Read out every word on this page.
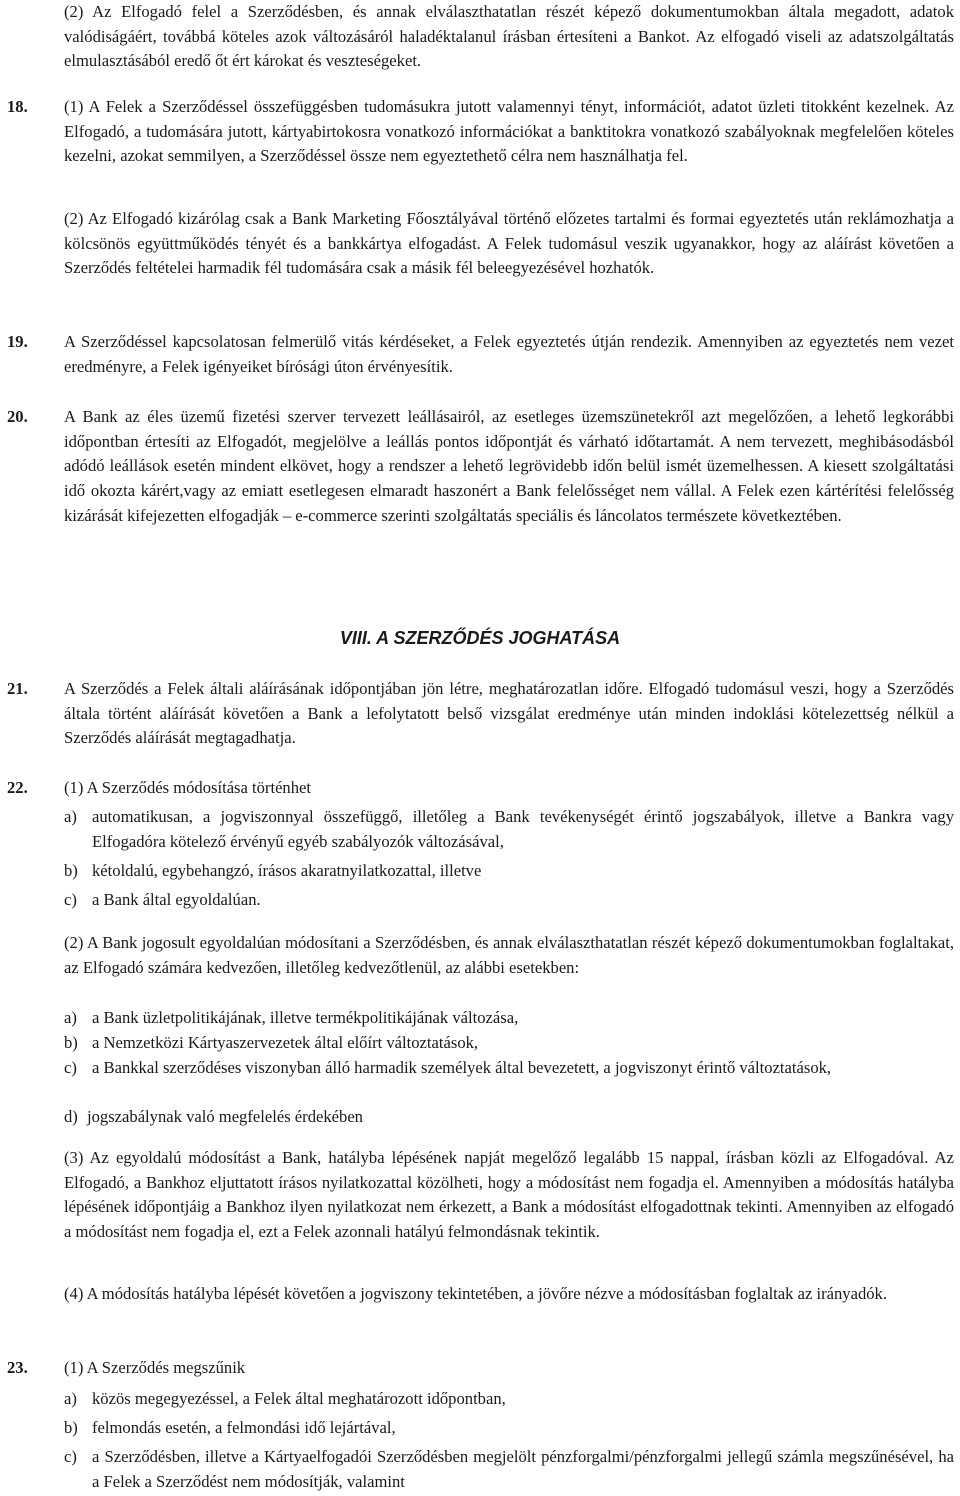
(2) Az Elfogadó felel a Szerződésben, és annak elválaszthatatlan részét képező dokumentumokban általa megadott, adatok valódiságáért, továbbá köteles azok változásáról haladéktalanul írásban értesíteni a Bankot. Az elfogadó viseli az adatszolgáltatás elmulasztásából eredő őt ért károkat és veszteségeket.

18. (1) A Felek a Szerződéssel összefüggésben tudomásukra jutott valamennyi tényt, információt, adatot üzleti titokként kezelnek. Az Elfogadó, a tudomására jutott, kártyabirtokosra vonatkozó információkat a banktitokra vonatkozó szabályoknak megfelelően köteles kezelni, azokat semmilyen, a Szerződéssel össze nem egyeztethető célra nem használhatja fel.

(2) Az Elfogadó kizárólag csak a Bank Marketing Főosztályával történő előzetes tartalmi és formai egyeztetés után reklámozhatja a kölcsönös együttműködés tényét és a bankkártya elfogadást. A Felek tudomásul veszik ugyanakkor, hogy az aláírást követően a Szerződés feltételei harmadik fél tudomására csak a másik fél beleegyezésével hozhatók.

19. A Szerződéssel kapcsolatosan felmerülő vitás kérdéseket, a Felek egyeztetés útján rendezik. Amennyiben az egyeztetés nem vezet eredményre, a Felek igényeiket bírósági úton érvényesítik.

20. A Bank az éles üzemű fizetési szerver tervezett leállásairól, az esetleges üzemszünetekről azt megelőzően, a lehető legkorábbi időpontban értesíti az Elfogadót, megjelölve a leállás pontos időpontját és várható időtartamát. A nem tervezett, meghibásodásból adódó leállások esetén mindent elkövet, hogy a rendszer a lehető legrövidebb időn belül ismét üzemelhessen. A kiesett szolgáltatási idő okozta kárért,vagy az emiatt esetlegesen elmaradt haszonért a Bank felelősséget nem vállal. A Felek ezen kártérítési felelősség kizárását kifejezetten elfogadják – e-commerce szerinti szolgáltatás speciális és láncolatos természete következtében.

VIII. A SZERZŐDÉS JOGHATÁSA
21. A Szerződés a Felek általi aláírásának időpontjában jön létre, meghatározatlan időre. Elfogadó tudomásul veszi, hogy a Szerződés általa történt aláírását követően a Bank a lefolytatott belső vizsgálat eredménye után minden indoklási kötelezettség nélkül a Szerződés aláírását megtagadhatja.

22. (1) A Szerződés módosítása történhet

a) automatikusan, a jogviszonnyal összefüggő, illetőleg a Bank tevékenységét érintő jogszabályok, illetve a Bankra vagy Elfogadóra kötelező érvényű egyéb szabályozók változásával,
b) kétoldalú, egybehangzó, írásos akaratnyilatkozattal, illetve
c) a Bank által egyoldalúan.

(2) A Bank jogosult egyoldalúan módosítani a Szerződésben, és annak elválaszthatatlan részét képező dokumentumokban foglaltakat, az Elfogadó számára kedvezően, illetőleg kedvezőtlenül, az alábbi esetekben:

a) a Bank üzletpolitikájának, illetve termékpolitikájának változása,
b) a Nemzetközi Kártyaszervezetek által előírt változtatások,
c) a Bankkal szerződéses viszonyban álló harmadik személyek által bevezetett, a jogviszonyt érintő változtatások,
d) jogszabálynak való megfelelés érdekében

(3) Az egyoldalú módosítást a Bank, hatályba lépésének napját megelőző legalább 15 nappal, írásban közli az Elfogadóval. Az Elfogadó, a Bankhoz eljuttatott írásos nyilatkozattal közölheti, hogy a módosítást nem fogadja el. Amennyiben a módosítás hatályba lépésének időpontjáig a Bankhoz ilyen nyilatkozat nem érkezett, a Bank a módosítást elfogadottnak tekinti. Amennyiben az elfogadó a módosítást nem fogadja el, ezt a Felek azonnali hatályú felmondásnak tekintik.

(4) A módosítás hatályba lépését követően a jogviszony tekintetében, a jövőre nézve a módosításban foglaltak az irányadók.

23. (1) A Szerződés megszűnik

a) közös megegyezéssel, a Felek által meghatározott időpontban,
b) felmondás esetén, a felmondási idő lejártával,
c) a Szerződésben, illetve a Kártyaelfogadói Szerződésben megjelölt pénzforgalmi/pénzforgalmi jellegű számla megszűnésével, ha a Felek a Szerződést nem módosítják, valamint
